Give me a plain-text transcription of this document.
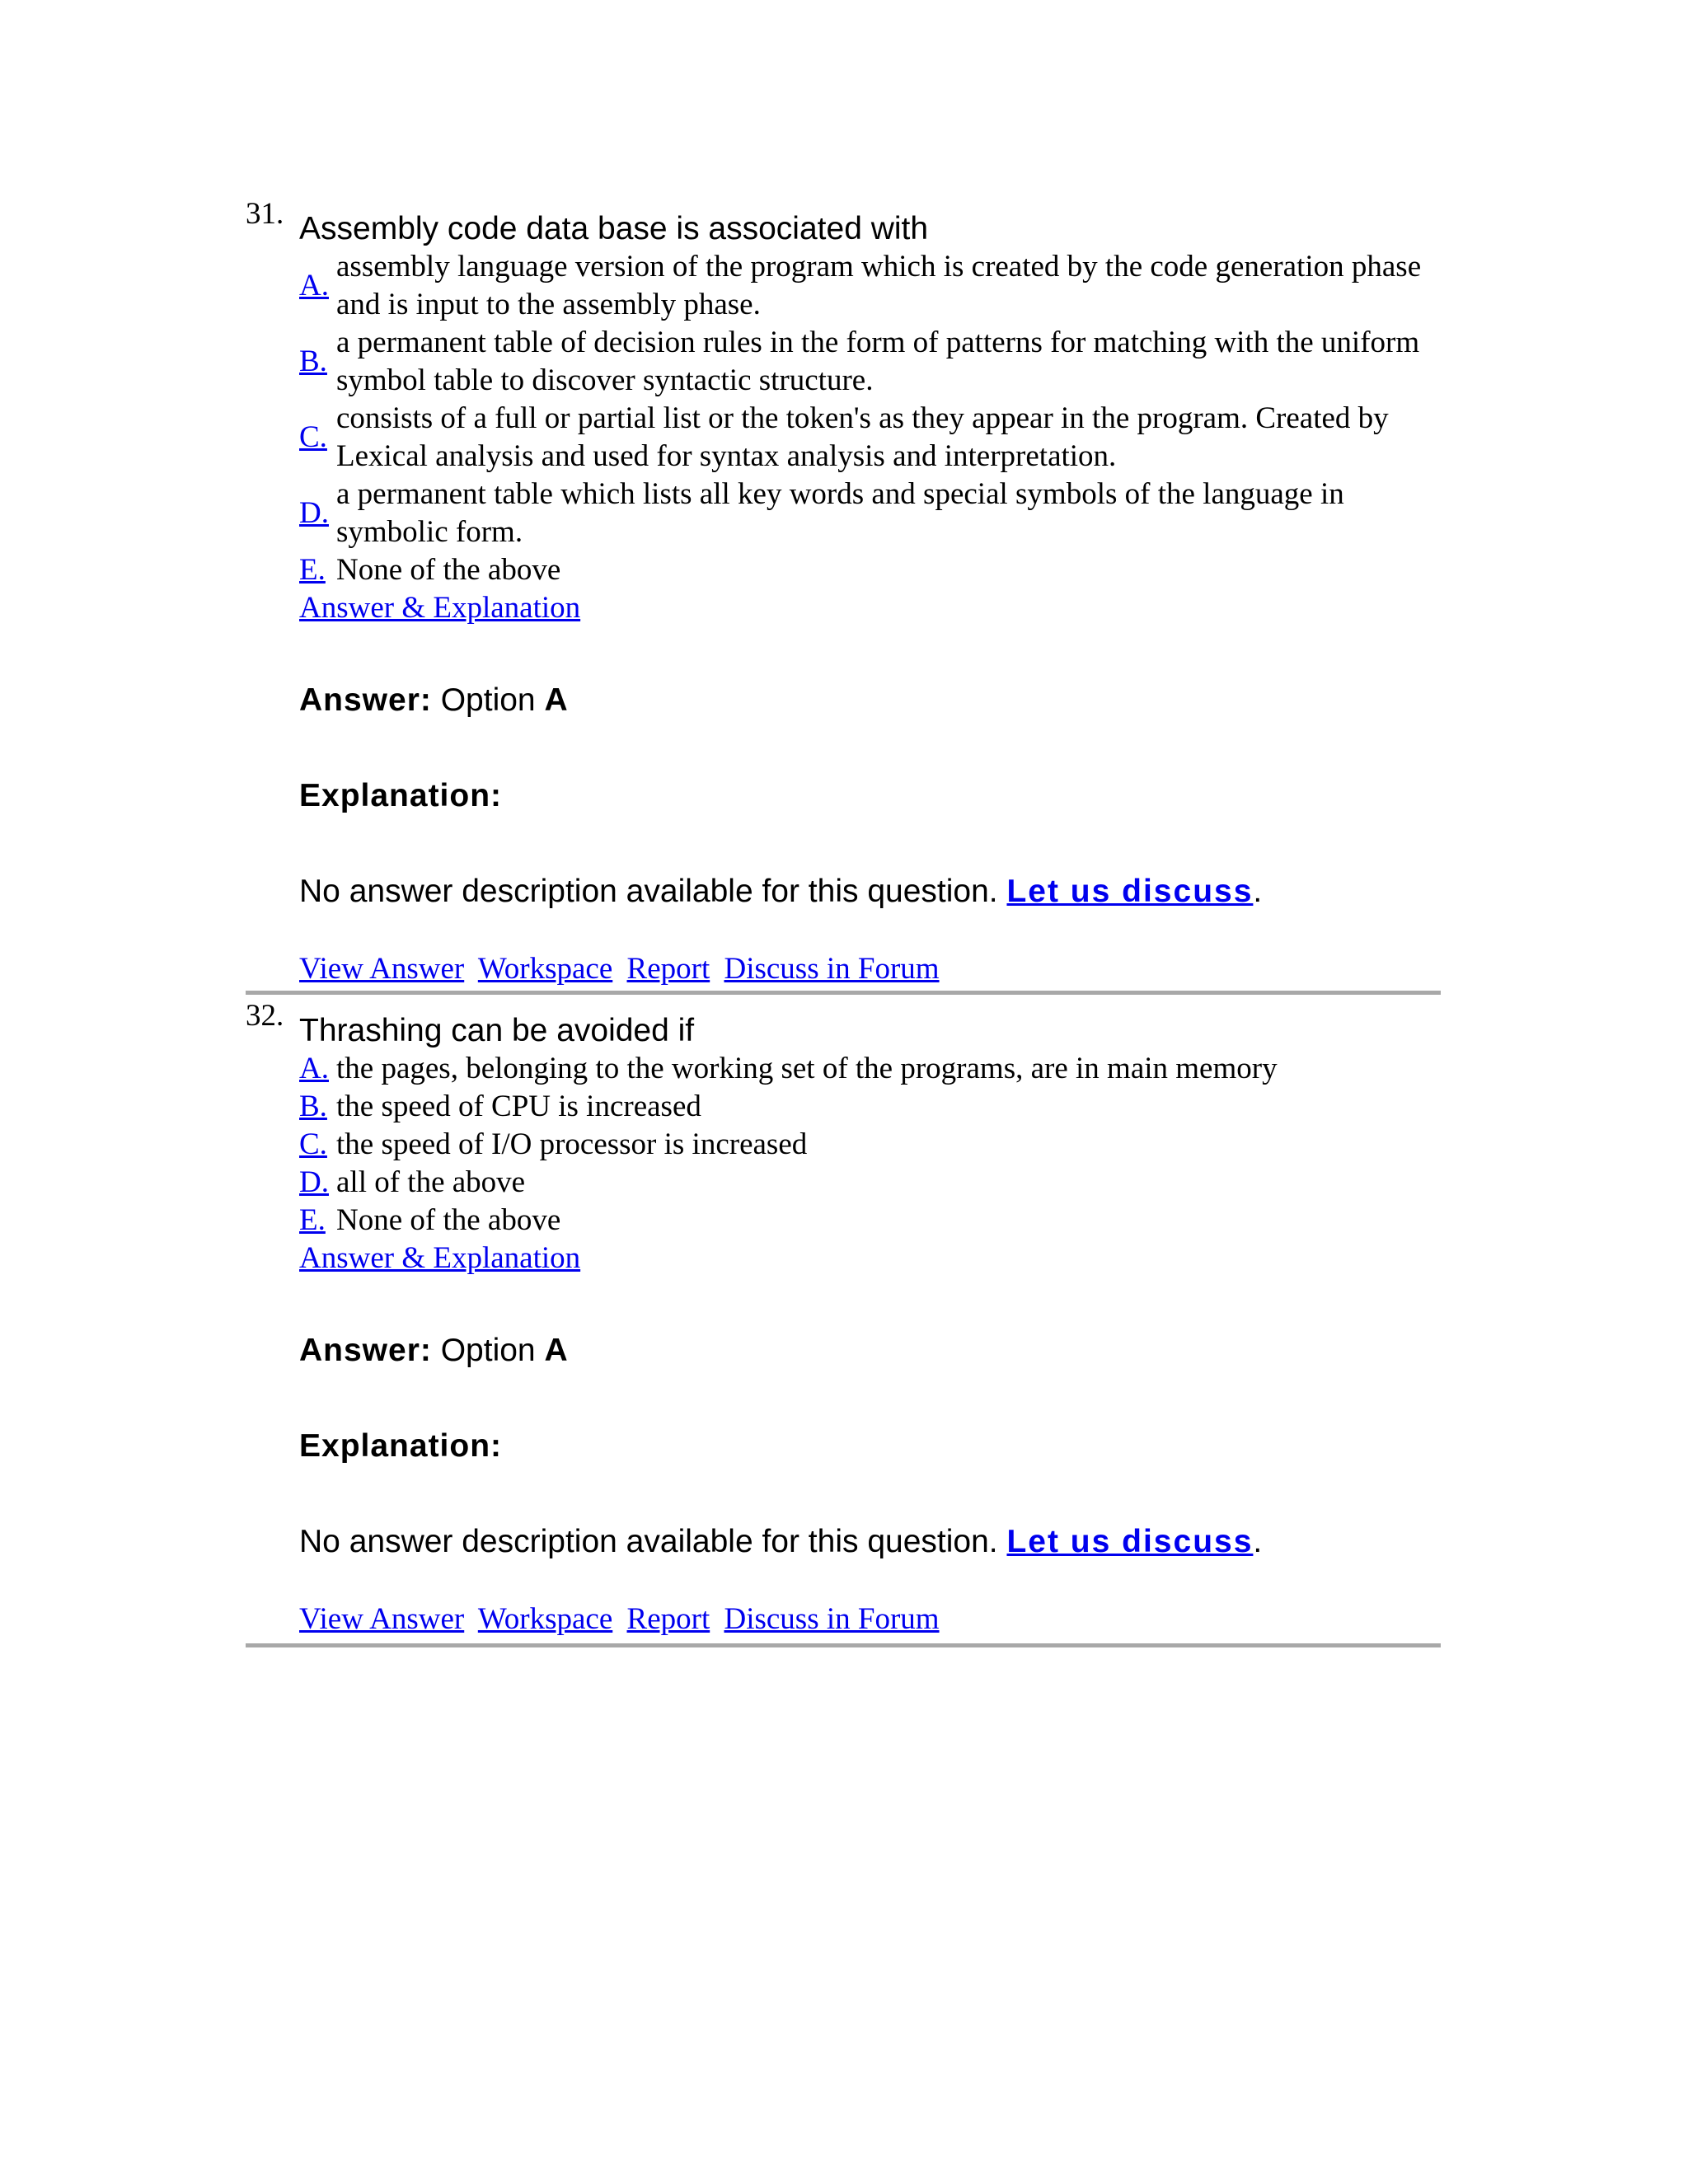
31. Assembly code data base is associated with
A.
assembly language version of the program which is created by the code generation phase and is input to the assembly phase.
B.
a permanent table of decision rules in the form of patterns for matching with the uniform symbol table to discover syntactic structure.
C.
consists of a full or partial list or the token's as they appear in the program. Created by Lexical analysis and used for syntax analysis and interpretation.
D.
a permanent table which lists all key words and special symbols of the language in symbolic form.
E. None of the above
Answer & Explanation
Answer: Option A
Explanation:
No answer description available for this question. Let us discuss.
View Answer Workspace Report Discuss in Forum
32. Thrashing can be avoided if
A. the pages, belonging to the working set of the programs, are in main memory
B. the speed of CPU is increased
C. the speed of I/O processor is increased
D. all of the above
E. None of the above
Answer & Explanation
Answer: Option A
Explanation:
No answer description available for this question. Let us discuss.
View Answer Workspace Report Discuss in Forum
